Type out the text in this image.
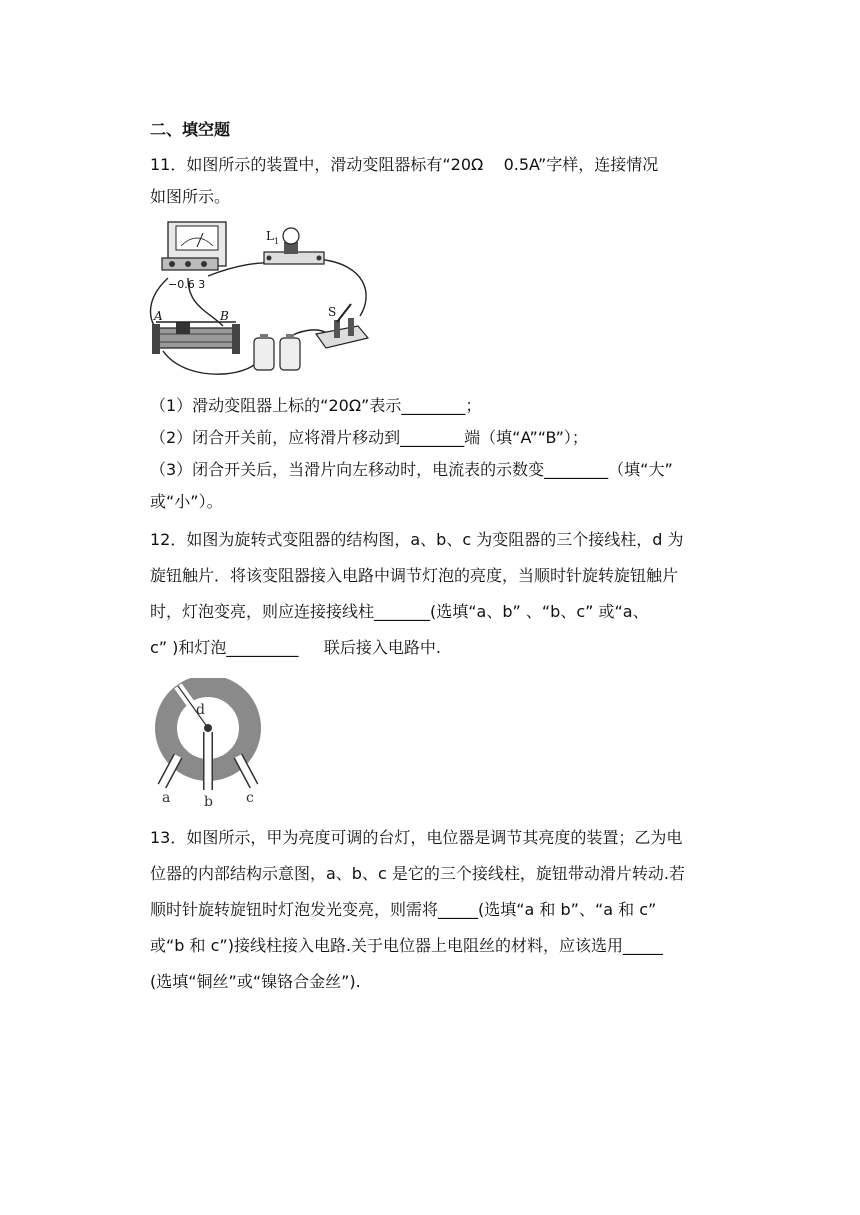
二、填空题
11．如图所示的装置中，滑动变阻器标有“20Ω    0.5A”字样，连接情况
如图所示。
−0.6 3
L 1
S
A	B
（1）滑动变阻器上标的“20Ω”表示________；
（2）闭合开关前，应将滑片移动到________端（填“A”“B”）；
（3）闭合开关后，当滑片向左移动时，电流表的示数变________（填“大”
或“小”）。
12．如图为旋转式变阻器的结构图，a、b、c 为变阻器的三个接线柱，d 为
旋钮触片．将该变阻器接入电路中调节灯泡的亮度，当顺时针旋转旋钮触片
时，灯泡变亮，则应连接接线柱_______(选填“a、b” 、“b、c” 或“a、
c” )和灯泡_________     联后接入电路中.
a b c
d
13．如图所示，甲为亮度可调的台灯，电位器是调节其亮度的装置；乙为电
位器的内部结构示意图，a、b、c 是它的三个接线柱，旋钮带动滑片转动.若
顺时针旋转旋钮时灯泡发光变亮，则需将_____(选填“a 和 b”、“a 和 c”
或“b 和 c”)接线柱接入电路.关于电位器上电阻丝的材料，应该选用_____
(选填“铜丝”或“镍铬合金丝”).
